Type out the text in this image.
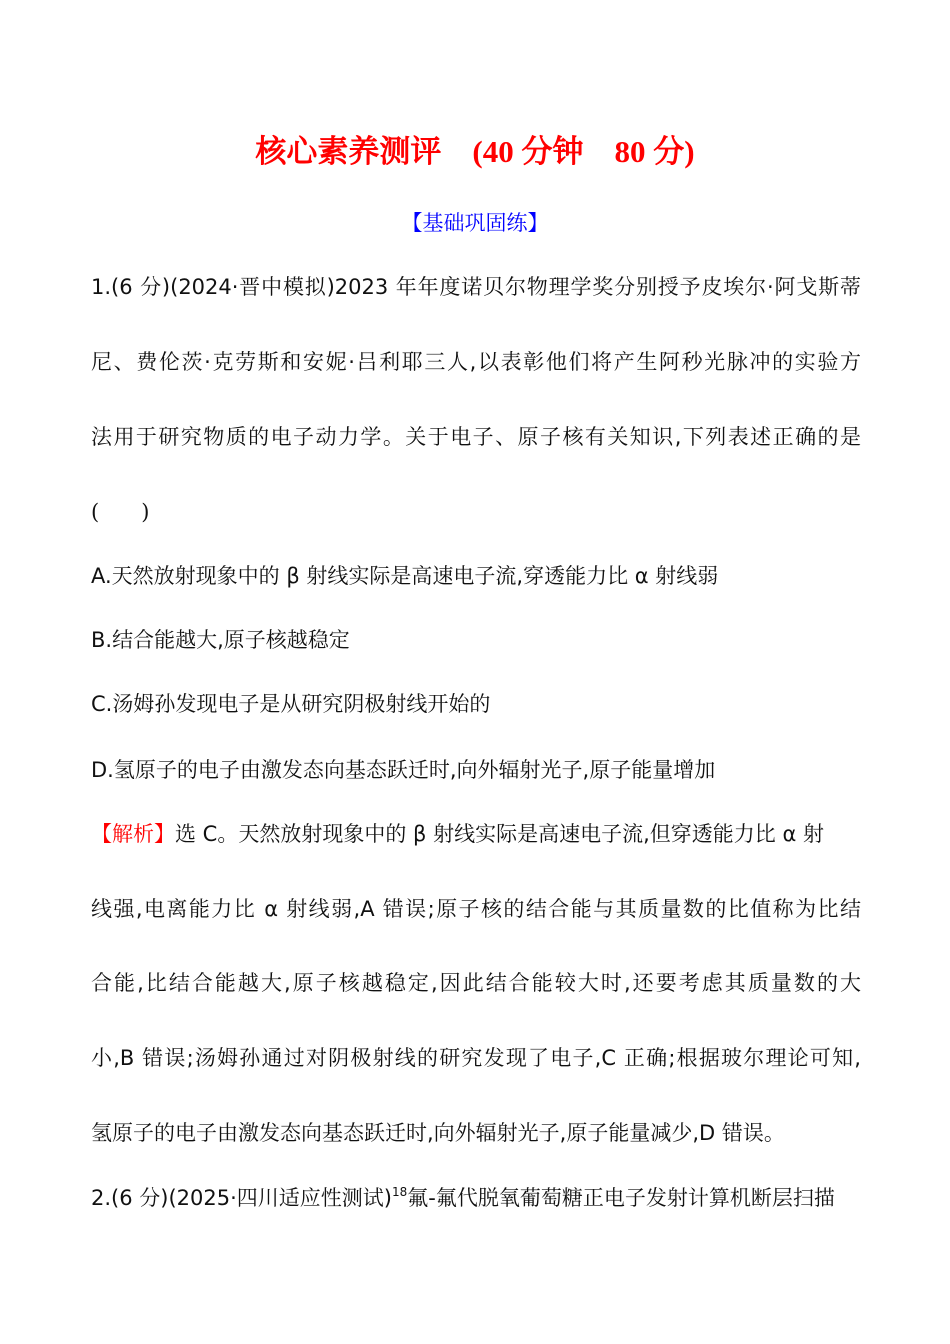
核心素养测评　 (40 分钟　80 分)
【基础巩固练】
1.(6 分)(2024·晋中模拟)2023 年年度诺贝尔物理学奖分别授予皮埃尔·阿戈斯蒂
尼、费伦茨·克劳斯和安妮·吕利耶三人,以表彰他们将产生阿秒光脉冲的实验方
法用于研究物质的电子动力学。关于电子、原子核有关知识,下列表述正确的是
(　　)
A.天然放射现象中的 β 射线实际是高速电子流,穿透能力比 α 射线弱
B.结合能越大,原子核越稳定
C.汤姆孙发现电子是从研究阴极射线开始的
D.氢原子的电子由激发态向基态跃迁时,向外辐射光子,原子能量增加
【解析】选 C。天然放射现象中的 β 射线实际是高速电子流,但穿透能力比 α 射
线强,电离能力比 α 射线弱,A 错误;原子核的结合能与其质量数的比值称为比结
合能,比结合能越大,原子核越稳定,因此结合能较大时,还要考虑其质量数的大
小,B 错误;汤姆孙通过对阴极射线的研究发现了电子,C 正确;根据玻尔理论可知,
氢原子的电子由激发态向基态跃迁时,向外辐射光子,原子能量减少,D 错误。
2.(6 分)(2025·四川适应性测试)$^{18}$氟-氟代脱氧葡萄糖正电子发射计算机断层扫描
